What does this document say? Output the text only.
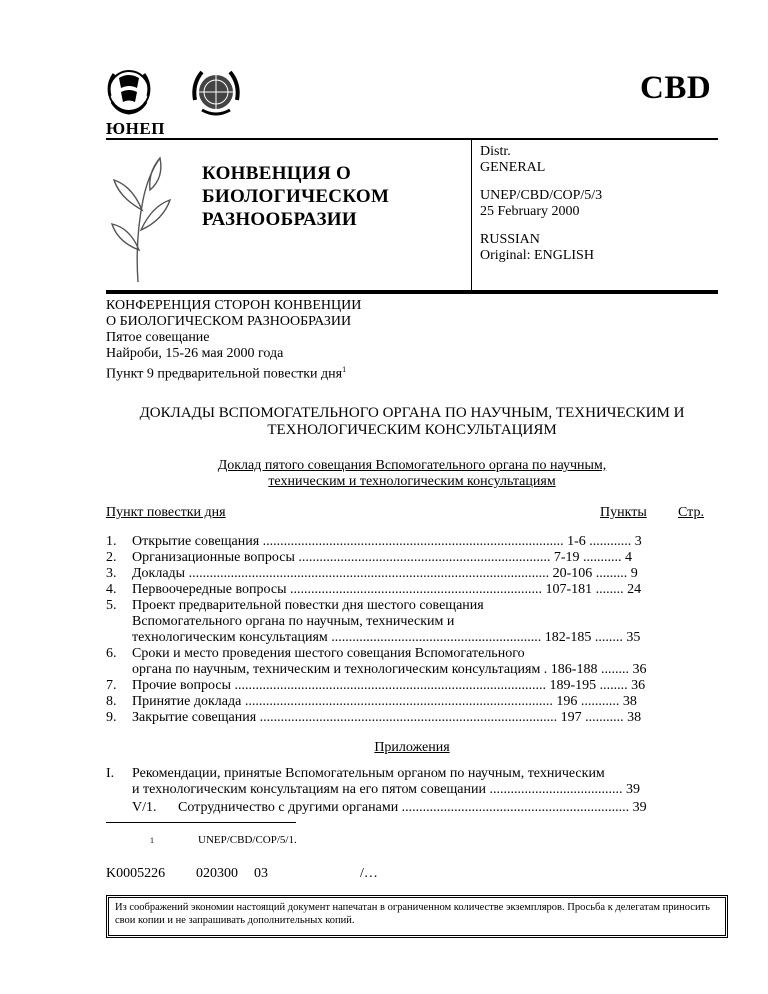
CBD
ЮНЕП
КОНВЕНЦИЯ О
БИОЛОГИЧЕСКОМ
РАЗНООБРАЗИИ
Distr.
GENERAL
UNEP/CBD/COP/5/3
25 February 2000
RUSSIAN
Original: ENGLISH
КОНФЕРЕНЦИЯ СТОРОН КОНВЕНЦИИ
О БИОЛОГИЧЕСКОМ РАЗНООБРАЗИИ
Пятое совещание
Найроби, 15-26 мая 2000 года
Пункт 9 предварительной повестки дня$^1$
ДОКЛАДЫ ВСПОМОГАТЕЛЬНОГО ОРГАНА ПО НАУЧНЫМ, ТЕХНИЧЕСКИМ И
ТЕХНОЛОГИЧЕСКИМ КОНСУЛЬТАЦИЯМ
Доклад пятого совещания Вспомогательного органа по научным,
техническим и технологическим консультациям
Пункт повестки дня	Пункты Стр.
1. Открытие совещания ...................................................................................... 1-6 ............ 3
2. Организационные вопросы ........................................................................ 7-19 ........... 4
3. Доклады ....................................................................................................... 20-106 ......... 9
4. Первоочередные вопросы ........................................................................ 107-181 ........ 24
5. Проект предварительной повестки дня шестого совещания
Вспомогательного органа по научным, техническим и
технологическим консультациям ............................................................ 182-185 ........ 35
6. Сроки и место проведения шестого совещания Вспомогательного
органа по научным, техническим и технологическим консультациям . 186-188 ........ 36
7. Прочие вопросы ......................................................................................... 189-195 ........ 36
8. Принятие доклада ........................................................................................ 196 ........... 38
9. Закрытие совещания ..................................................................................... 197 ........... 38
Приложения
I. Рекомендации, принятые Вспомогательным органом по научным, техническим
и технологическим консультациям на его пятом совещании ...................................... 39
V/1. Сотрудничество с другими органами ................................................................. 39
1	UNEP/CBD/COP/5/1.
K0005226 020300 03	/…
Из соображений экономии настоящий документ напечатан в ограниченном количестве экземпляров. Просьба к делегатам приносить свои копии и не запрашивать дополнительных копий.
